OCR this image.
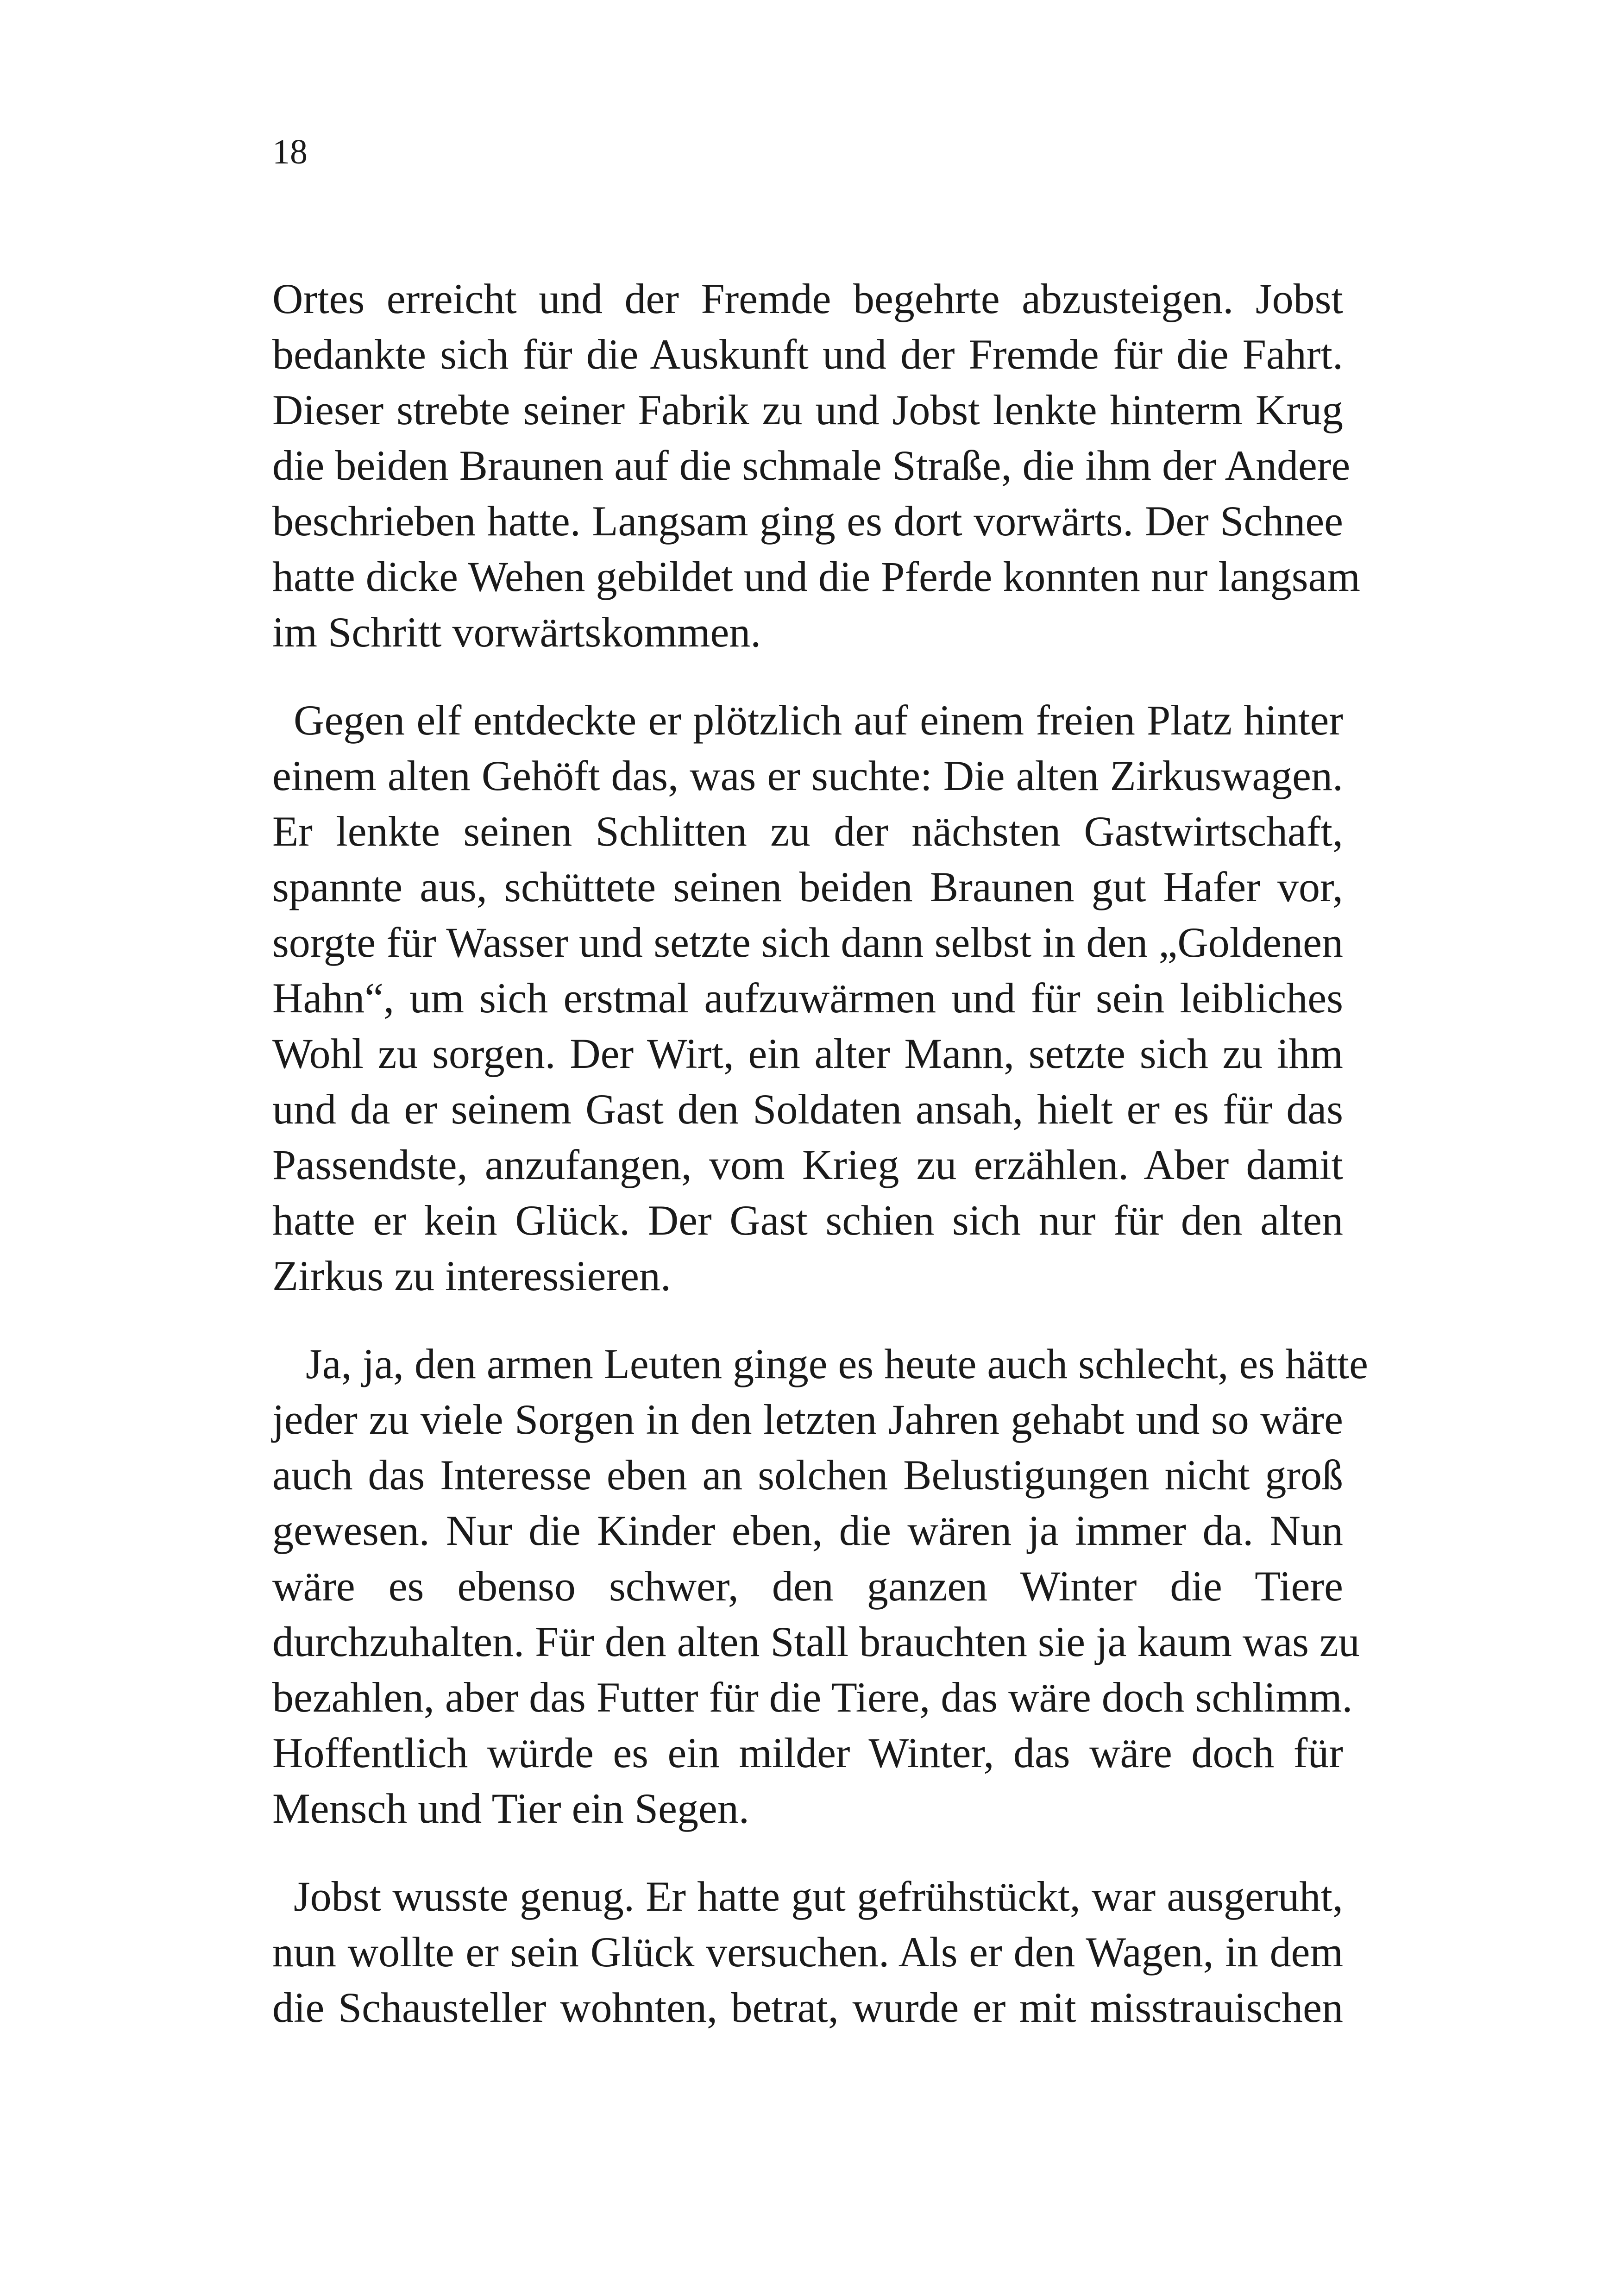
18

Ortes erreicht und der Fremde begehrte abzusteigen. Jobst
bedankte sich für die Auskunft und der Fremde für die Fahrt.
Dieser strebte seiner Fabrik zu und Jobst lenkte hinterm Krug
die beiden Braunen auf die schmale Straße, die ihm der Andere
beschrieben hatte. Langsam ging es dort vorwärts. Der Schnee
hatte dicke Wehen gebildet und die Pferde konnten nur langsam
im Schritt vorwärtskommen.

Gegen elf entdeckte er plötzlich auf einem freien Platz hinter
einem alten Gehöft das, was er suchte: Die alten Zirkuswagen.
Er lenkte seinen Schlitten zu der nächsten Gastwirtschaft,
spannte aus, schüttete seinen beiden Braunen gut Hafer vor,
sorgte für Wasser und setzte sich dann selbst in den „Goldenen
Hahn“, um sich erstmal aufzuwärmen und für sein leibliches
Wohl zu sorgen. Der Wirt, ein alter Mann, setzte sich zu ihm
und da er seinem Gast den Soldaten ansah, hielt er es für das
Passendste, anzufangen, vom Krieg zu erzählen. Aber damit
hatte er kein Glück. Der Gast schien sich nur für den alten
Zirkus zu interessieren.

Ja, ja, den armen Leuten ginge es heute auch schlecht, es hätte
jeder zu viele Sorgen in den letzten Jahren gehabt und so wäre
auch das Interesse eben an solchen Belustigungen nicht groß
gewesen. Nur die Kinder eben, die wären ja immer da. Nun
wäre es ebenso schwer, den ganzen Winter die Tiere
durchzuhalten. Für den alten Stall brauchten sie ja kaum was zu
bezahlen, aber das Futter für die Tiere, das wäre doch schlimm.
Hoffentlich würde es ein milder Winter, das wäre doch für
Mensch und Tier ein Segen.

Jobst wusste genug. Er hatte gut gefrühstückt, war ausgeruht,
nun wollte er sein Glück versuchen. Als er den Wagen, in dem
die Schausteller wohnten, betrat, wurde er mit misstrauischen
